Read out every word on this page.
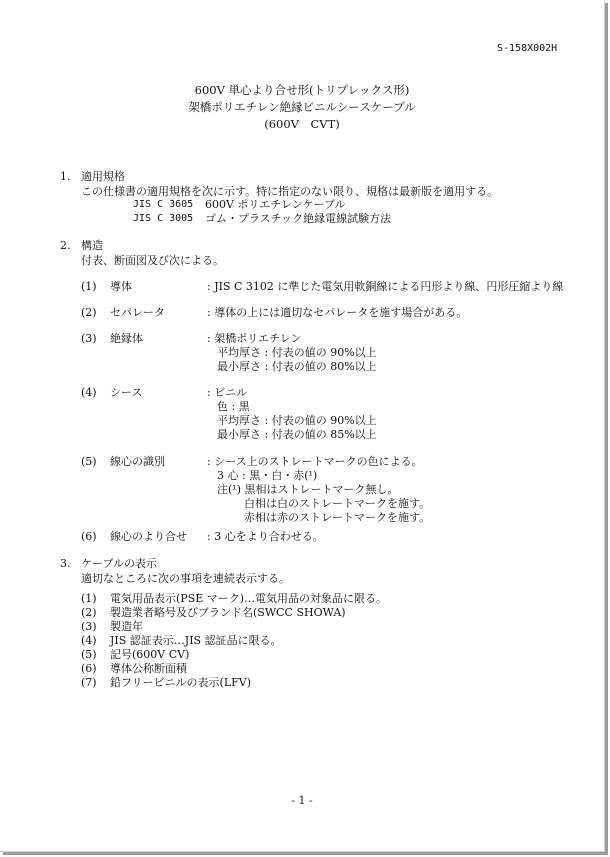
S-158X002H
600V 単心より合せ形(トリプレックス形)
架橋ポリエチレン絶縁ビニルシースケーブル
(600V　CVT)
1. 適用規格
この仕様書の適用規格を次に示す。特に指定のない限り、規格は最新版を適用する。
JIS C 3605 600V ポリエチレンケーブル
JIS C 3005 ゴム・プラスチック絶縁電線試験方法
2. 構造
付表、断面図及び次による。
(1) 導体	: JIS C 3102 に準じた電気用軟銅線による円形より線、円形圧縮より線
(2) セパレータ	: 導体の上には適切なセパレータを施す場合がある。
(3) 絶縁体	: 架橋ポリエチレン
平均厚さ : 付表の値の 90%以上
最小厚さ : 付表の値の 80%以上
(4) シース	: ビニル
色 : 黒
平均厚さ : 付表の値の 90%以上
最小厚さ : 付表の値の 85%以上
(5) 線心の識別	: シース上のストレートマークの色による。
3 心 : 黒・白・赤(¹)
注(¹) 黒相はストレートマーク無し。
白相は白のストレートマークを施す。
赤相は赤のストレートマークを施す。
(6) 線心のより合せ : 3 心をより合わせる。
3. ケーブルの表示
適切なところに次の事項を連続表示する。
(1) 電気用品表示(PSE マーク)…電気用品の対象品に限る。
(2) 製造業者略号及びブランド名(SWCC SHOWA)
(3) 製造年
(4) JIS 認証表示…JIS 認証品に限る。
(5) 記号(600V CV)
(6) 導体公称断面積
(7) 鉛フリービニルの表示(LFV)
- 1 -
